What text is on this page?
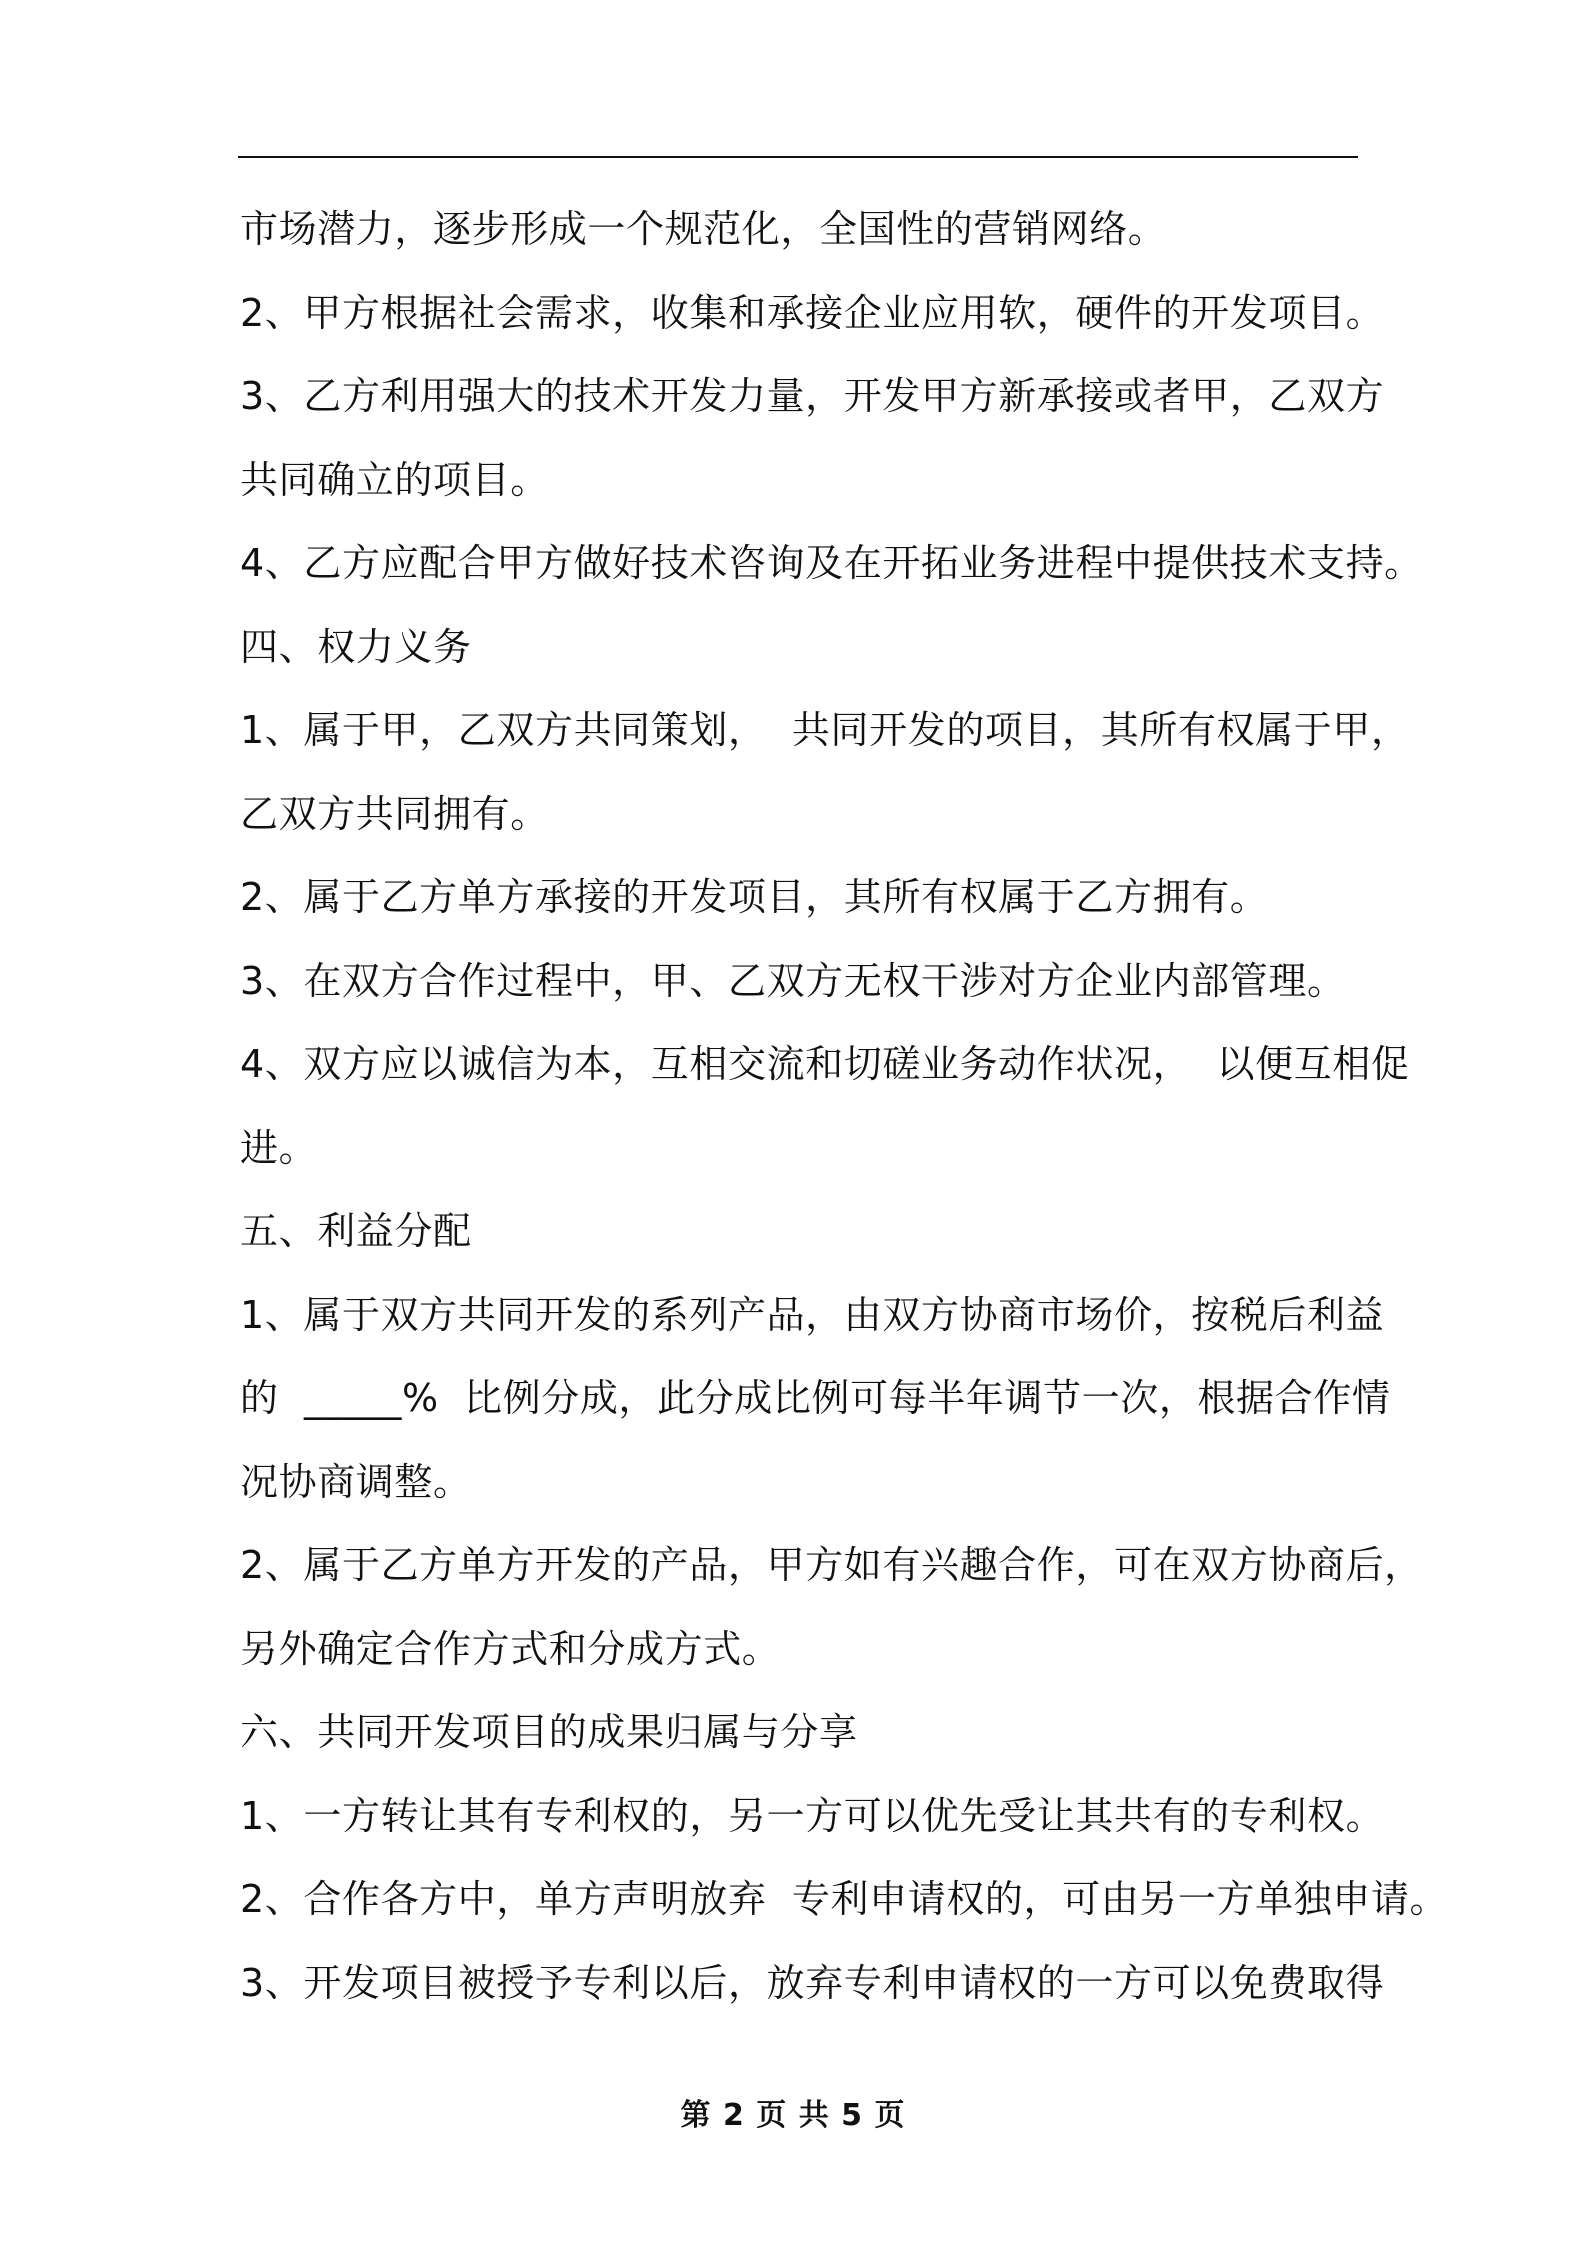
市场潜力，逐步形成一个规范化，全国性的营销网络。
2、甲方根据社会需求，收集和承接企业应用软，硬件的开发项目。
3、乙方利用强大的技术开发力量，开发甲方新承接或者甲，乙双方
共同确立的项目。
4、乙方应配合甲方做好技术咨询及在开拓业务进程中提供技术支持。
四、权力义务
1、属于甲，乙双方共同策划，  共同开发的项目，其所有权属于甲，
乙双方共同拥有。
2、属于乙方单方承接的开发项目，其所有权属于乙方拥有。
3、在双方合作过程中，甲、乙双方无权干涉对方企业内部管理。
4、双方应以诚信为本，互相交流和切磋业务动作状况，  以便互相促
进。
五、利益分配
1、属于双方共同开发的系列产品，由双方协商市场价，按税后利益
的  _____%  比例分成，此分成比例可每半年调节一次，根据合作情
况协商调整。
2、属于乙方单方开发的产品，甲方如有兴趣合作，可在双方协商后，
另外确定合作方式和分成方式。
六、共同开发项目的成果归属与分享
1、一方转让其有专利权的，另一方可以优先受让其共有的专利权。
2、合作各方中，单方声明放弃  专利申请权的，可由另一方单独申请。
3、开发项目被授予专利以后，放弃专利申请权的一方可以免费取得
第 2 页 共 5 页
